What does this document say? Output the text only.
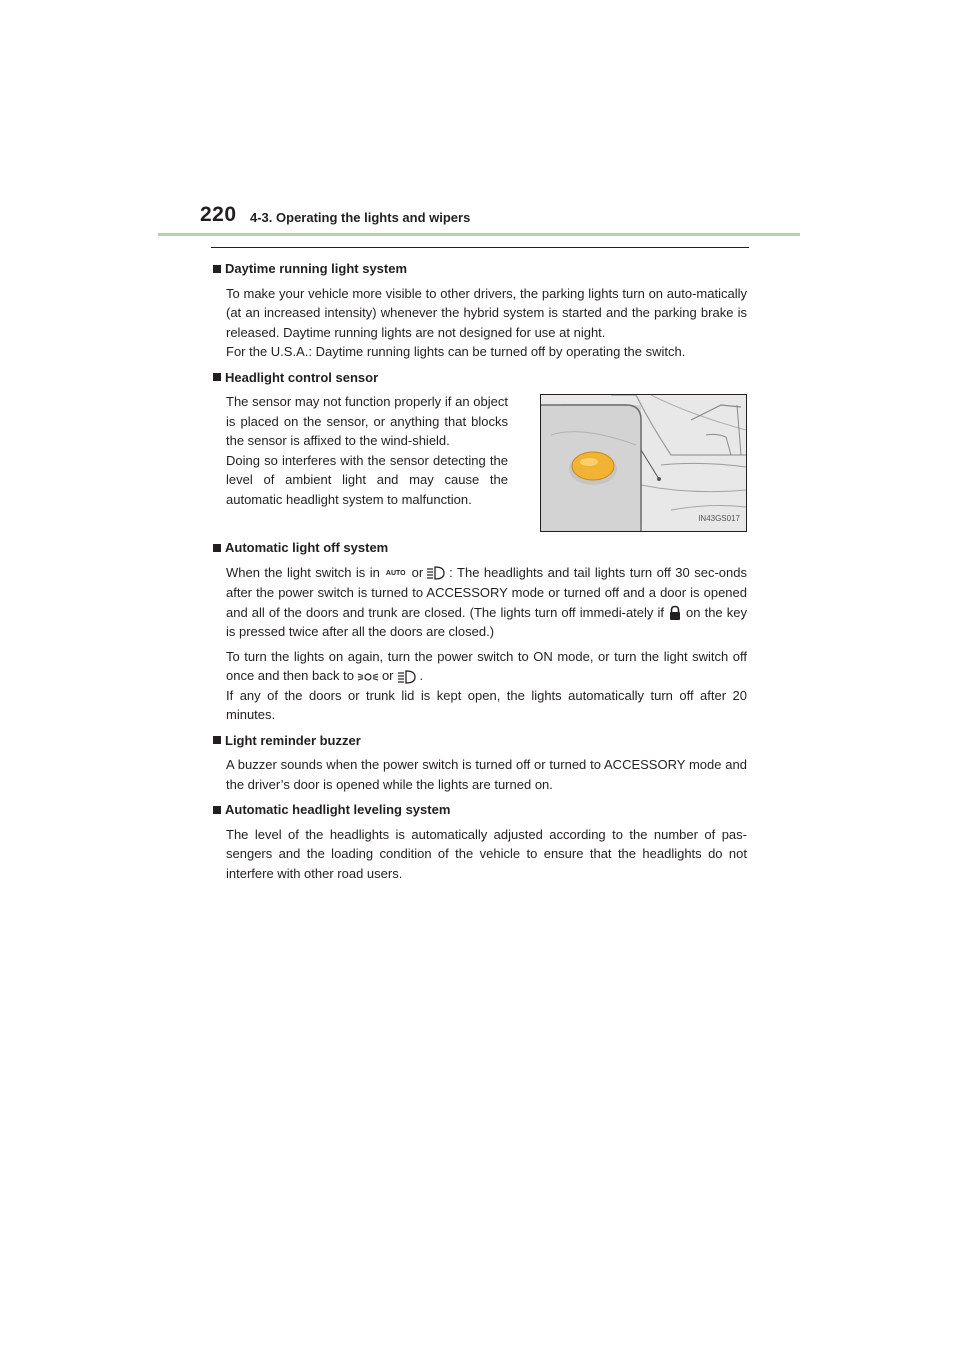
220 4-3. Operating the lights and wipers
Daytime running light system

To make your vehicle more visible to other drivers, the parking lights turn on auto-matically (at an increased intensity) whenever the hybrid system is started and the parking brake is released. Daytime running lights are not designed for use at night.

For the U.S.A.: Daytime running lights can be turned off by operating the switch.

Headlight control sensor
The sensor may not function properly if an object is placed on the sensor, or anything that blocks the sensor is affixed to the wind-shield.
Doing so interferes with the sensor detecting the level of ambient light and may cause the automatic headlight system to malfunction.
IN43GS017
Automatic light off system

When the light switch is in AUTO or : The headlights and tail lights turn off 30 sec-onds after the power switch is turned to ACCESSORY mode or turned off and a door is opened and all of the doors and trunk are closed. (The lights turn off immedi-ately if on the key is pressed twice after all the doors are closed.)

To turn the lights on again, turn the power switch to ON mode, or turn the light switch off once and then back to or .
If any of the doors or trunk lid is kept open, the lights automatically turn off after 20 minutes.

Light reminder buzzer

A buzzer sounds when the power switch is turned off or turned to ACCESSORY mode and the driver’s door is opened while the lights are turned on.

Automatic headlight leveling system

The level of the headlights is automatically adjusted according to the number of pas-sengers and the loading condition of the vehicle to ensure that the headlights do not interfere with other road users.
